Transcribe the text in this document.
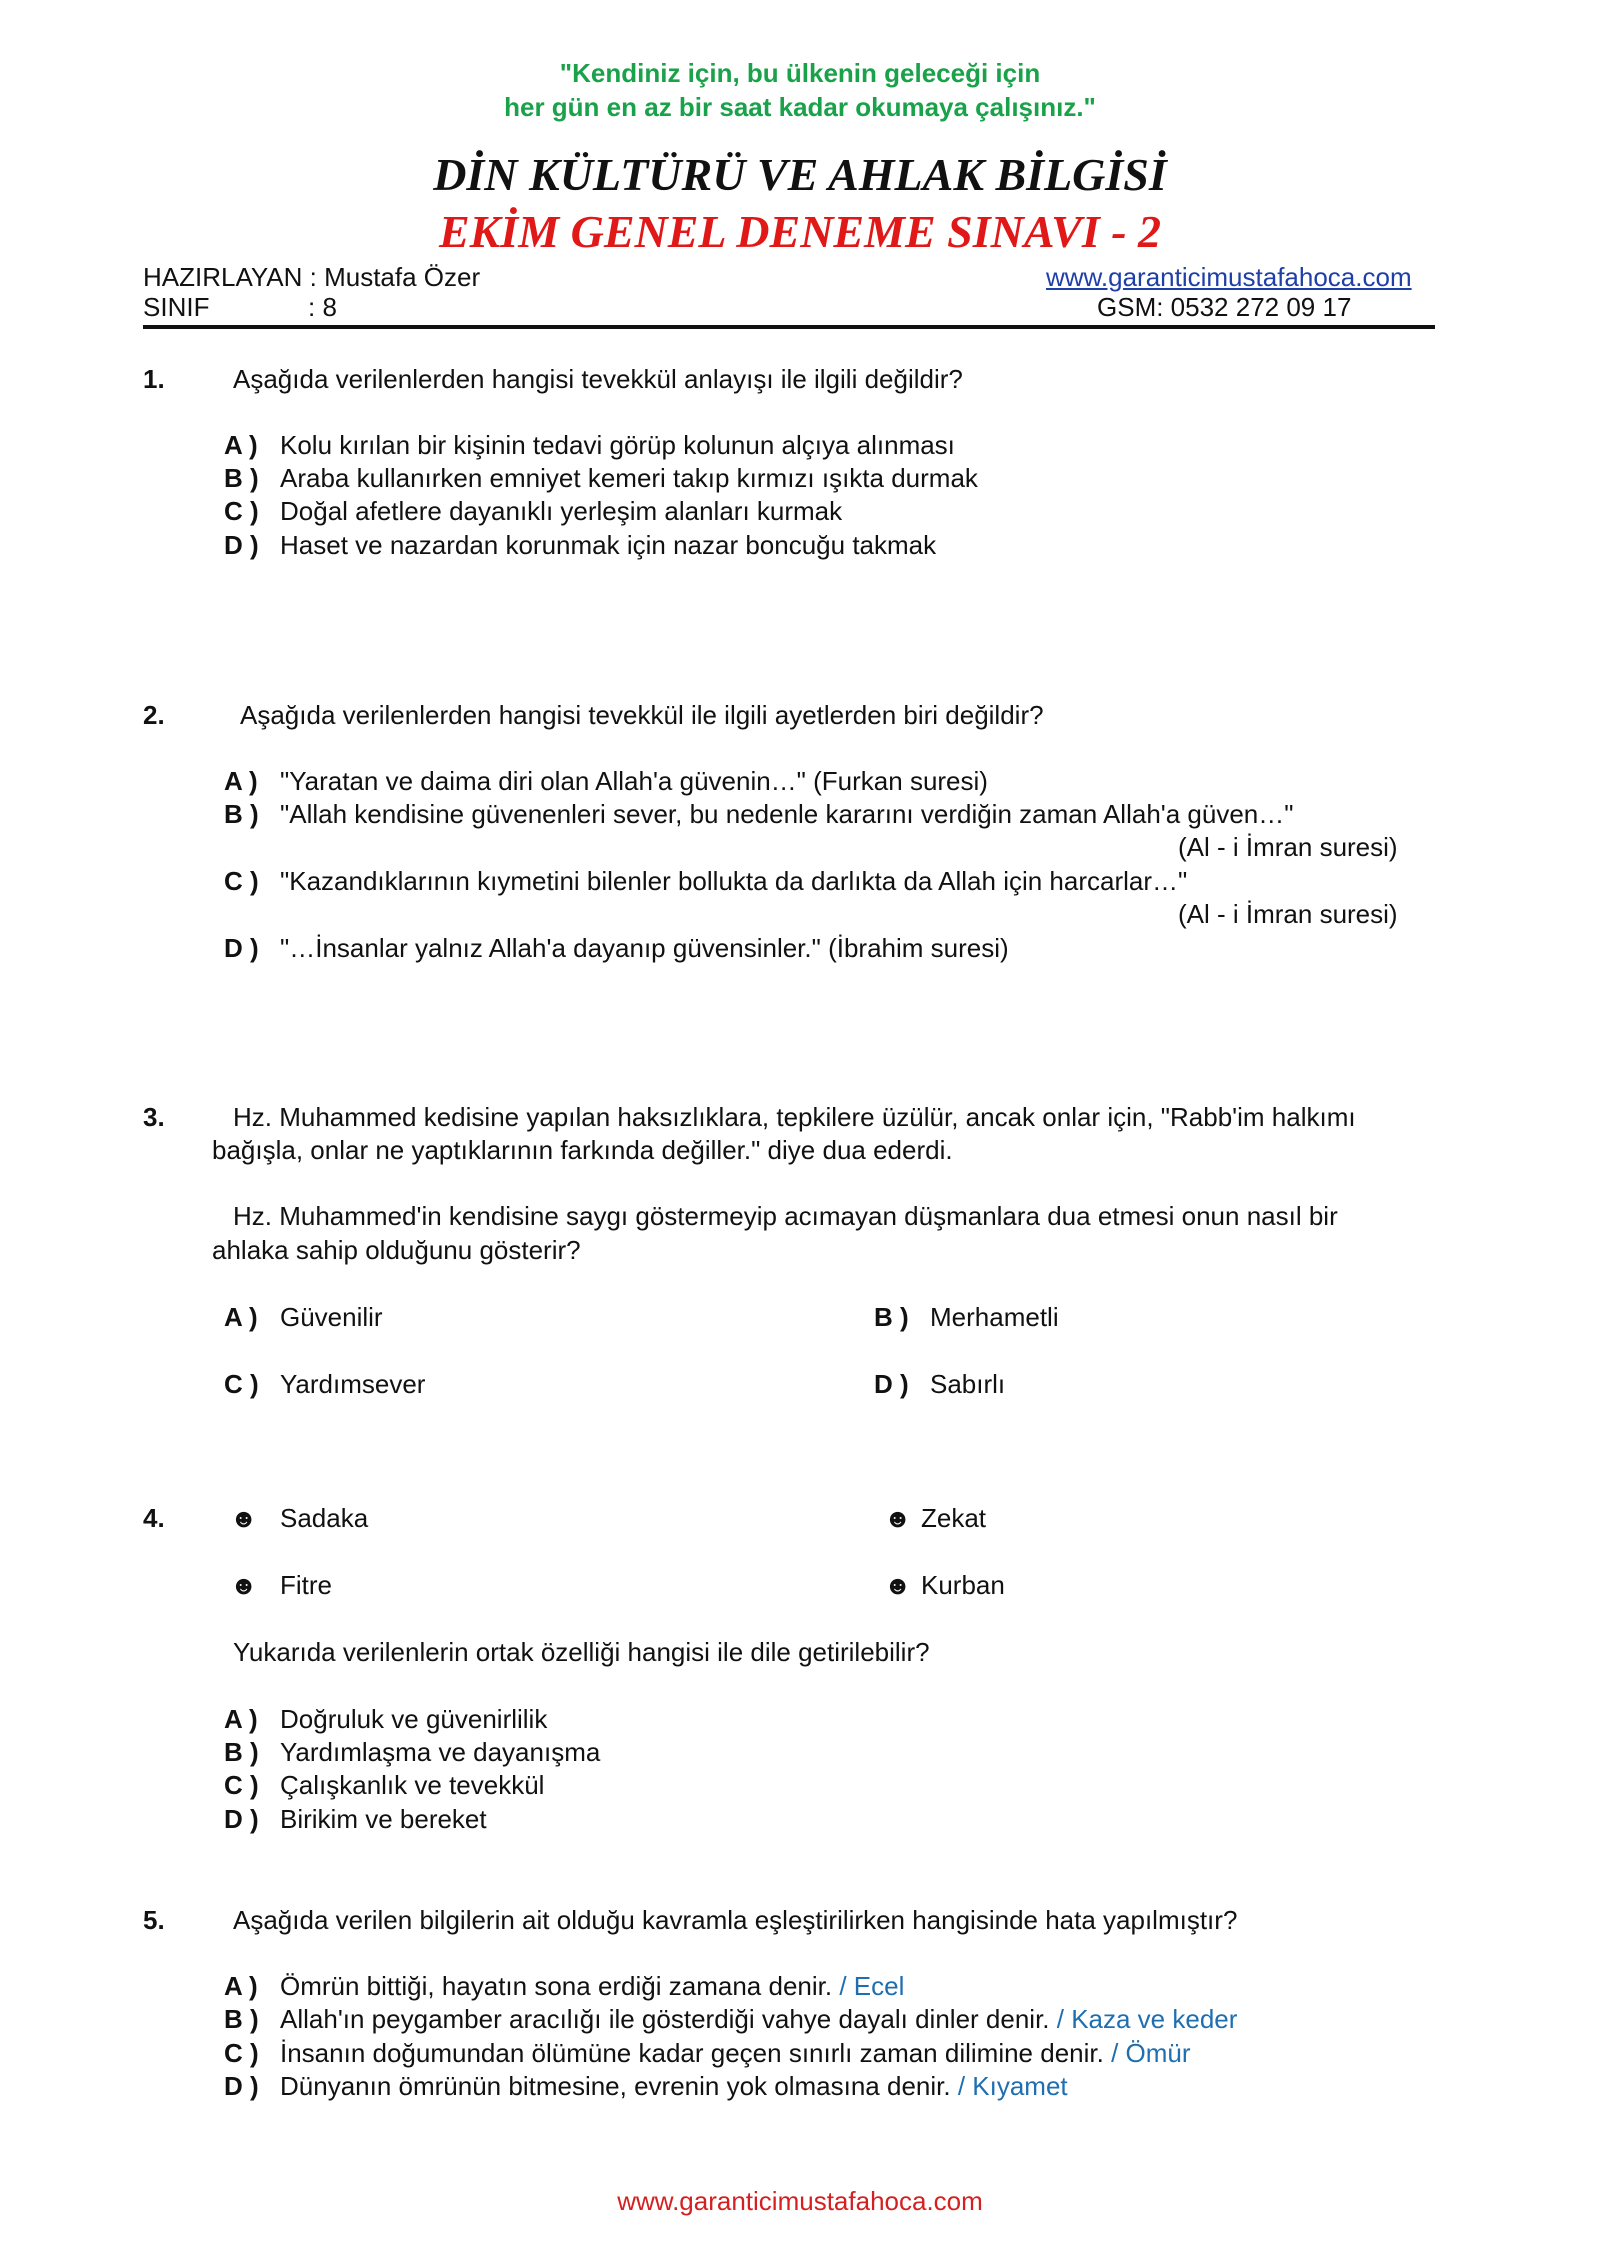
"Kendiniz için, bu ülkenin geleceği için
her gün en az bir saat kadar okumaya çalışınız."
DİN KÜLTÜRÜ VE AHLAK BİLGİSİ
EKİM GENEL DENEME SINAVI - 2
HAZIRLAYAN : Mustafa Özer	www.garanticimustafahoca.com
SINIF	: 8	GSM: 0532 272 09 17
1.	Aşağıda verilenlerden hangisi tevekkül anlayışı ile ilgili değildir?
A ) Kolu kırılan bir kişinin tedavi görüp kolunun alçıya alınması
B ) Araba kullanırken emniyet kemeri takıp kırmızı ışıkta durmak
C ) Doğal afetlere dayanıklı yerleşim alanları kurmak
D ) Haset ve nazardan korunmak için nazar boncuğu takmak
2.	Aşağıda verilenlerden hangisi tevekkül ile ilgili ayetlerden biri değildir?
A ) "Yaratan ve daima diri olan Allah'a güvenin…" (Furkan suresi)
B ) "Allah kendisine güvenenleri sever, bu nedenle kararını verdiğin zaman Allah'a güven…"
(Al - i İmran suresi)
C ) "Kazandıklarının kıymetini bilenler bollukta da darlıkta da Allah için harcarlar…"
(Al - i İmran suresi)
D ) "…İnsanlar yalnız Allah'a dayanıp güvensinler." (İbrahim suresi)
3.	Hz. Muhammed kedisine yapılan haksızlıklara, tepkilere üzülür, ancak onlar için, "Rabb'im halkımı
bağışla, onlar ne yaptıklarının farkında değiller." diye dua ederdi.
Hz. Muhammed'in kendisine saygı göstermeyip acımayan düşmanlara dua etmesi onun nasıl bir
ahlaka sahip olduğunu gösterir?
A ) Güvenilir	B ) Merhametli
C ) Yardımsever	D ) Sabırlı
4.	☻ Sadaka	☻ Zekat
☻ Fitre	☻ Kurban
Yukarıda verilenlerin ortak özelliği hangisi ile dile getirilebilir?
A ) Doğruluk ve güvenirlilik
B ) Yardımlaşma ve dayanışma
C ) Çalışkanlık ve tevekkül
D ) Birikim ve bereket
5.	Aşağıda verilen bilgilerin ait olduğu kavramla eşleştirilirken hangisinde hata yapılmıştır?
A ) Ömrün bittiği, hayatın sona erdiği zamana denir. / Ecel
B ) Allah'ın peygamber aracılığı ile gösterdiği vahye dayalı dinler denir. / Kaza ve keder
C ) İnsanın doğumundan ölümüne kadar geçen sınırlı zaman dilimine denir. / Ömür
D ) Dünyanın ömrünün bitmesine, evrenin yok olmasına denir. / Kıyamet
www.garanticimustafahoca.com
